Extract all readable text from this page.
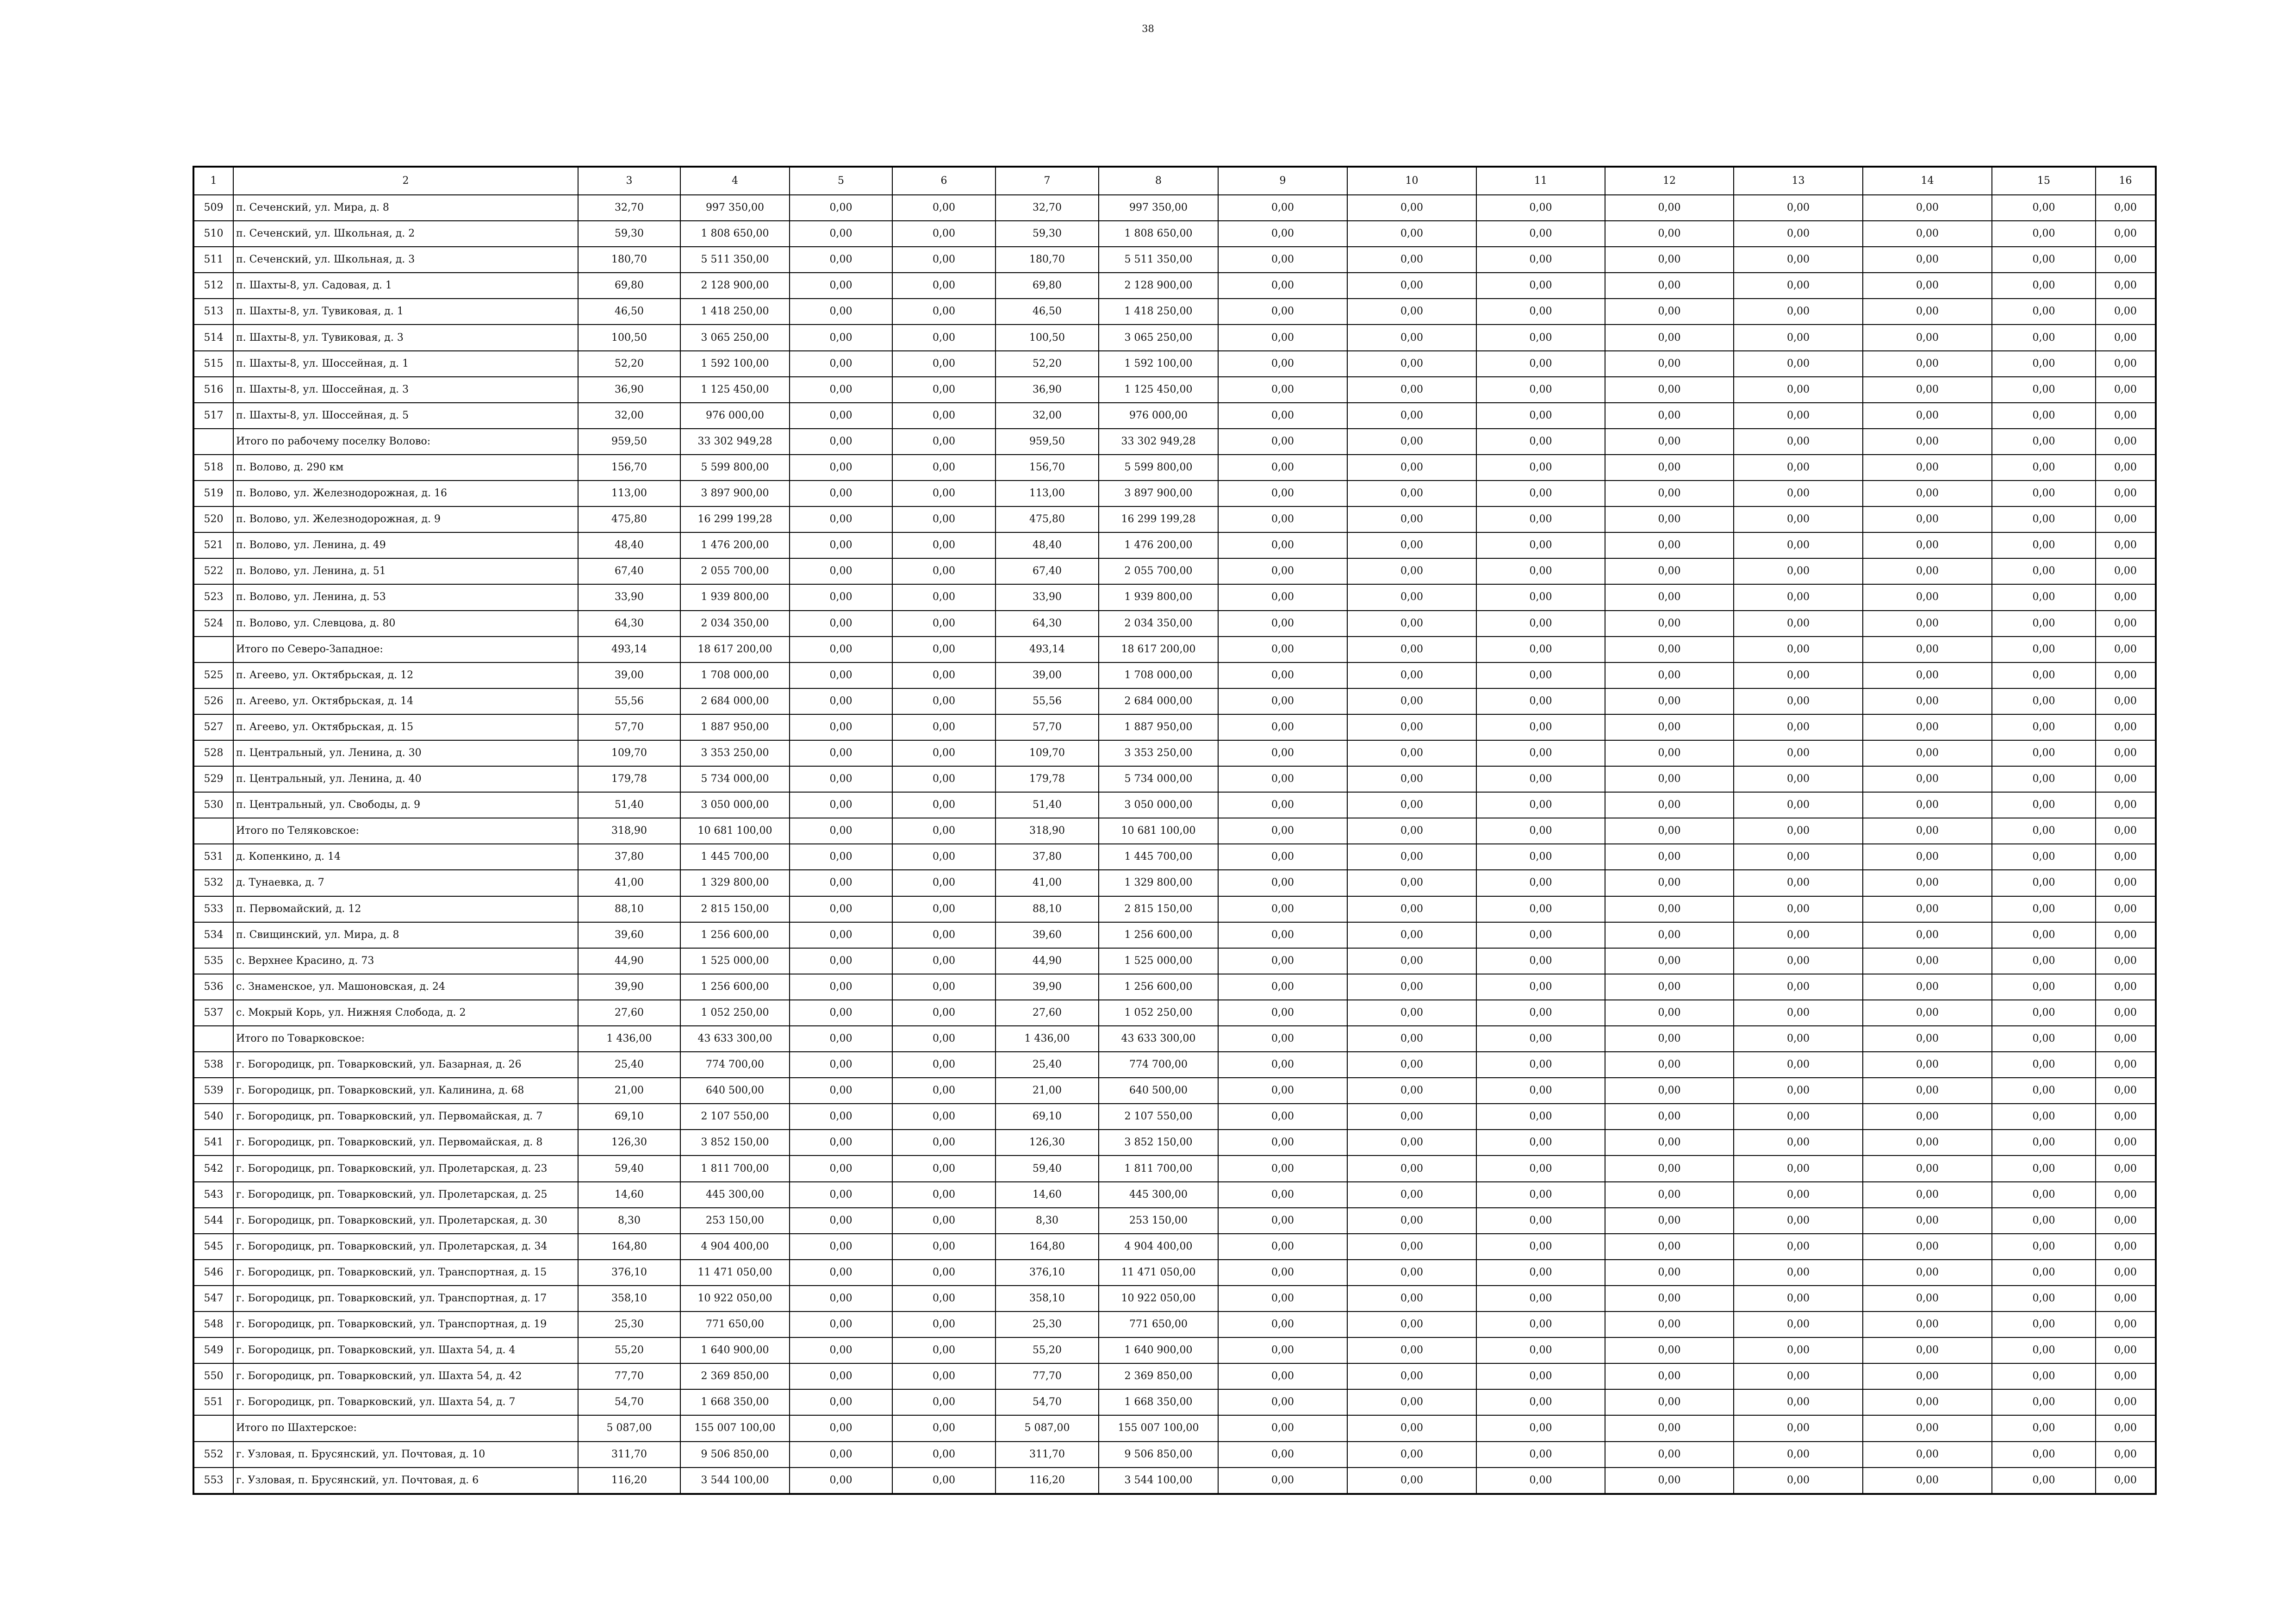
38
1	2	3	4	5	6	7	8	9	10	11	12	13	14	15	16
509	п. Сеченский, ул. Мира, д. 8	32,70	997 350,00	0,00	0,00	32,70	997 350,00	0,00	0,00	0,00	0,00	0,00	0,00	0,00	0,00
510	п. Сеченский, ул. Школьная, д. 2	59,30	1 808 650,00	0,00	0,00	59,30	1 808 650,00	0,00	0,00	0,00	0,00	0,00	0,00	0,00	0,00
511	п. Сеченский, ул. Школьная, д. 3	180,70	5 511 350,00	0,00	0,00	180,70	5 511 350,00	0,00	0,00	0,00	0,00	0,00	0,00	0,00	0,00
512	п. Шахты-8, ул. Садовая, д. 1	69,80	2 128 900,00	0,00	0,00	69,80	2 128 900,00	0,00	0,00	0,00	0,00	0,00	0,00	0,00	0,00
513	п. Шахты-8, ул. Тувиковая, д. 1	46,50	1 418 250,00	0,00	0,00	46,50	1 418 250,00	0,00	0,00	0,00	0,00	0,00	0,00	0,00	0,00
514	п. Шахты-8, ул. Тувиковая, д. 3	100,50	3 065 250,00	0,00	0,00	100,50	3 065 250,00	0,00	0,00	0,00	0,00	0,00	0,00	0,00	0,00
515	п. Шахты-8, ул. Шоссейная, д. 1	52,20	1 592 100,00	0,00	0,00	52,20	1 592 100,00	0,00	0,00	0,00	0,00	0,00	0,00	0,00	0,00
516	п. Шахты-8, ул. Шоссейная, д. 3	36,90	1 125 450,00	0,00	0,00	36,90	1 125 450,00	0,00	0,00	0,00	0,00	0,00	0,00	0,00	0,00
517	п. Шахты-8, ул. Шоссейная, д. 5	32,00	976 000,00	0,00	0,00	32,00	976 000,00	0,00	0,00	0,00	0,00	0,00	0,00	0,00	0,00
	Итого по рабочему поселку Волово:	959,50	33 302 949,28	0,00	0,00	959,50	33 302 949,28	0,00	0,00	0,00	0,00	0,00	0,00	0,00	0,00
518	п. Волово, д. 290 км	156,70	5 599 800,00	0,00	0,00	156,70	5 599 800,00	0,00	0,00	0,00	0,00	0,00	0,00	0,00	0,00
519	п. Волово, ул. Железнодорожная, д. 16	113,00	3 897 900,00	0,00	0,00	113,00	3 897 900,00	0,00	0,00	0,00	0,00	0,00	0,00	0,00	0,00
520	п. Волово, ул. Железнодорожная, д. 9	475,80	16 299 199,28	0,00	0,00	475,80	16 299 199,28	0,00	0,00	0,00	0,00	0,00	0,00	0,00	0,00
521	п. Волово, ул. Ленина, д. 49	48,40	1 476 200,00	0,00	0,00	48,40	1 476 200,00	0,00	0,00	0,00	0,00	0,00	0,00	0,00	0,00
522	п. Волово, ул. Ленина, д. 51	67,40	2 055 700,00	0,00	0,00	67,40	2 055 700,00	0,00	0,00	0,00	0,00	0,00	0,00	0,00	0,00
523	п. Волово, ул. Ленина, д. 53	33,90	1 939 800,00	0,00	0,00	33,90	1 939 800,00	0,00	0,00	0,00	0,00	0,00	0,00	0,00	0,00
524	п. Волово, ул. Слевцова, д. 80	64,30	2 034 350,00	0,00	0,00	64,30	2 034 350,00	0,00	0,00	0,00	0,00	0,00	0,00	0,00	0,00
	Итого по Северо-Западное:	493,14	18 617 200,00	0,00	0,00	493,14	18 617 200,00	0,00	0,00	0,00	0,00	0,00	0,00	0,00	0,00
525	п. Агеево, ул. Октябрьская, д. 12	39,00	1 708 000,00	0,00	0,00	39,00	1 708 000,00	0,00	0,00	0,00	0,00	0,00	0,00	0,00	0,00
526	п. Агеево, ул. Октябрьская, д. 14	55,56	2 684 000,00	0,00	0,00	55,56	2 684 000,00	0,00	0,00	0,00	0,00	0,00	0,00	0,00	0,00
527	п. Агеево, ул. Октябрьская, д. 15	57,70	1 887 950,00	0,00	0,00	57,70	1 887 950,00	0,00	0,00	0,00	0,00	0,00	0,00	0,00	0,00
528	п. Центральный, ул. Ленина, д. 30	109,70	3 353 250,00	0,00	0,00	109,70	3 353 250,00	0,00	0,00	0,00	0,00	0,00	0,00	0,00	0,00
529	п. Центральный, ул. Ленина, д. 40	179,78	5 734 000,00	0,00	0,00	179,78	5 734 000,00	0,00	0,00	0,00	0,00	0,00	0,00	0,00	0,00
530	п. Центральный, ул. Свободы, д. 9	51,40	3 050 000,00	0,00	0,00	51,40	3 050 000,00	0,00	0,00	0,00	0,00	0,00	0,00	0,00	0,00
	Итого по Теляковское:	318,90	10 681 100,00	0,00	0,00	318,90	10 681 100,00	0,00	0,00	0,00	0,00	0,00	0,00	0,00	0,00
531	д. Копенкино, д. 14	37,80	1 445 700,00	0,00	0,00	37,80	1 445 700,00	0,00	0,00	0,00	0,00	0,00	0,00	0,00	0,00
532	д. Тунаевка, д. 7	41,00	1 329 800,00	0,00	0,00	41,00	1 329 800,00	0,00	0,00	0,00	0,00	0,00	0,00	0,00	0,00
533	п. Первомайский, д. 12	88,10	2 815 150,00	0,00	0,00	88,10	2 815 150,00	0,00	0,00	0,00	0,00	0,00	0,00	0,00	0,00
534	п. Свищинский, ул. Мира, д. 8	39,60	1 256 600,00	0,00	0,00	39,60	1 256 600,00	0,00	0,00	0,00	0,00	0,00	0,00	0,00	0,00
535	с. Верхнее Красино, д. 73	44,90	1 525 000,00	0,00	0,00	44,90	1 525 000,00	0,00	0,00	0,00	0,00	0,00	0,00	0,00	0,00
536	с. Знаменское, ул. Машоновская, д. 24	39,90	1 256 600,00	0,00	0,00	39,90	1 256 600,00	0,00	0,00	0,00	0,00	0,00	0,00	0,00	0,00
537	с. Мокрый Корь, ул. Нижняя Слобода, д. 2	27,60	1 052 250,00	0,00	0,00	27,60	1 052 250,00	0,00	0,00	0,00	0,00	0,00	0,00	0,00	0,00
	Итого по Товарковское:	1 436,00	43 633 300,00	0,00	0,00	1 436,00	43 633 300,00	0,00	0,00	0,00	0,00	0,00	0,00	0,00	0,00
538	г. Богородицк, рп. Товарковский, ул. Базарная, д. 26	25,40	774 700,00	0,00	0,00	25,40	774 700,00	0,00	0,00	0,00	0,00	0,00	0,00	0,00	0,00
539	г. Богородицк, рп. Товарковский, ул. Калинина, д. 68	21,00	640 500,00	0,00	0,00	21,00	640 500,00	0,00	0,00	0,00	0,00	0,00	0,00	0,00	0,00
540	г. Богородицк, рп. Товарковский, ул. Первомайская, д. 7	69,10	2 107 550,00	0,00	0,00	69,10	2 107 550,00	0,00	0,00	0,00	0,00	0,00	0,00	0,00	0,00
541	г. Богородицк, рп. Товарковский, ул. Первомайская, д. 8	126,30	3 852 150,00	0,00	0,00	126,30	3 852 150,00	0,00	0,00	0,00	0,00	0,00	0,00	0,00	0,00
542	г. Богородицк, рп. Товарковский, ул. Пролетарская, д. 23	59,40	1 811 700,00	0,00	0,00	59,40	1 811 700,00	0,00	0,00	0,00	0,00	0,00	0,00	0,00	0,00
543	г. Богородицк, рп. Товарковский, ул. Пролетарская, д. 25	14,60	445 300,00	0,00	0,00	14,60	445 300,00	0,00	0,00	0,00	0,00	0,00	0,00	0,00	0,00
544	г. Богородицк, рп. Товарковский, ул. Пролетарская, д. 30	8,30	253 150,00	0,00	0,00	8,30	253 150,00	0,00	0,00	0,00	0,00	0,00	0,00	0,00	0,00
545	г. Богородицк, рп. Товарковский, ул. Пролетарская, д. 34	164,80	4 904 400,00	0,00	0,00	164,80	4 904 400,00	0,00	0,00	0,00	0,00	0,00	0,00	0,00	0,00
546	г. Богородицк, рп. Товарковский, ул. Транспортная, д. 15	376,10	11 471 050,00	0,00	0,00	376,10	11 471 050,00	0,00	0,00	0,00	0,00	0,00	0,00	0,00	0,00
547	г. Богородицк, рп. Товарковский, ул. Транспортная, д. 17	358,10	10 922 050,00	0,00	0,00	358,10	10 922 050,00	0,00	0,00	0,00	0,00	0,00	0,00	0,00	0,00
548	г. Богородицк, рп. Товарковский, ул. Транспортная, д. 19	25,30	771 650,00	0,00	0,00	25,30	771 650,00	0,00	0,00	0,00	0,00	0,00	0,00	0,00	0,00
549	г. Богородицк, рп. Товарковский, ул. Шахта 54, д. 4	55,20	1 640 900,00	0,00	0,00	55,20	1 640 900,00	0,00	0,00	0,00	0,00	0,00	0,00	0,00	0,00
550	г. Богородицк, рп. Товарковский, ул. Шахта 54, д. 42	77,70	2 369 850,00	0,00	0,00	77,70	2 369 850,00	0,00	0,00	0,00	0,00	0,00	0,00	0,00	0,00
551	г. Богородицк, рп. Товарковский, ул. Шахта 54, д. 7	54,70	1 668 350,00	0,00	0,00	54,70	1 668 350,00	0,00	0,00	0,00	0,00	0,00	0,00	0,00	0,00
	Итого по Шахтерское:	5 087,00	155 007 100,00	0,00	0,00	5 087,00	155 007 100,00	0,00	0,00	0,00	0,00	0,00	0,00	0,00	0,00
552	г. Узловая, п. Брусянский, ул. Почтовая, д. 10	311,70	9 506 850,00	0,00	0,00	311,70	9 506 850,00	0,00	0,00	0,00	0,00	0,00	0,00	0,00	0,00
553	г. Узловая, п. Брусянский, ул. Почтовая, д. 6	116,20	3 544 100,00	0,00	0,00	116,20	3 544 100,00	0,00	0,00	0,00	0,00	0,00	0,00	0,00	0,00
